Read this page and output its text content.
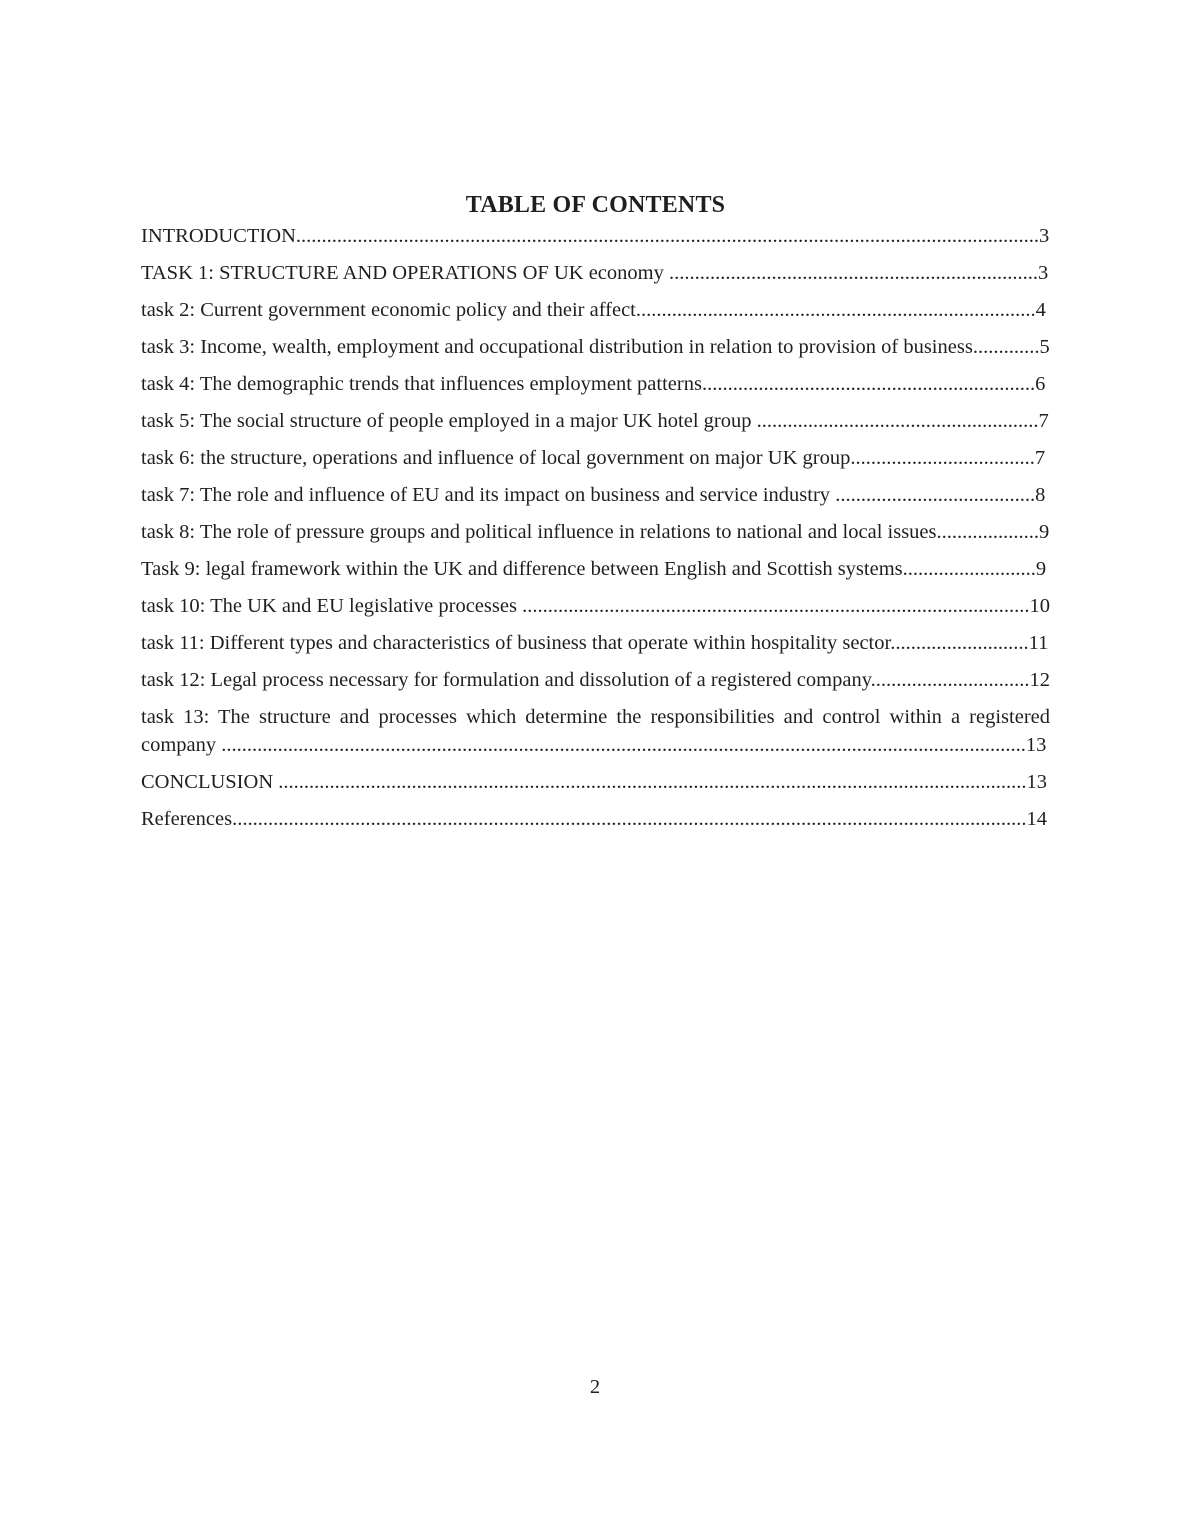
TABLE OF CONTENTS

INTRODUCTION.................................................................................................................................................3

TASK 1: STRUCTURE AND OPERATIONS OF UK economy ........................................................................3

task 2: Current government economic policy and their affect..............................................................................4

task 3: Income, wealth, employment and occupational distribution in relation to provision of business.............5

task 4: The demographic trends that influences employment patterns.................................................................6

task 5: The social structure of people employed in a major UK hotel group .......................................................7

task 6: the structure, operations and influence of local government on major UK group....................................7

task 7: The role and influence of EU and its impact on business and service industry .......................................8

task 8: The role of pressure groups and political influence in relations to national and local issues....................9

Task 9: legal framework within the UK and difference between English and Scottish systems..........................9

task 10: The UK and EU legislative processes ...................................................................................................10

task 11: Different types and characteristics of business that operate within hospitality sector...........................11

task 12: Legal process necessary for formulation and dissolution of a registered company...............................12

task 13: The structure and processes which determine the responsibilities and control within a registered company .............................................................................................................................................................13

CONCLUSION ..................................................................................................................................................13

References...........................................................................................................................................................14

2
